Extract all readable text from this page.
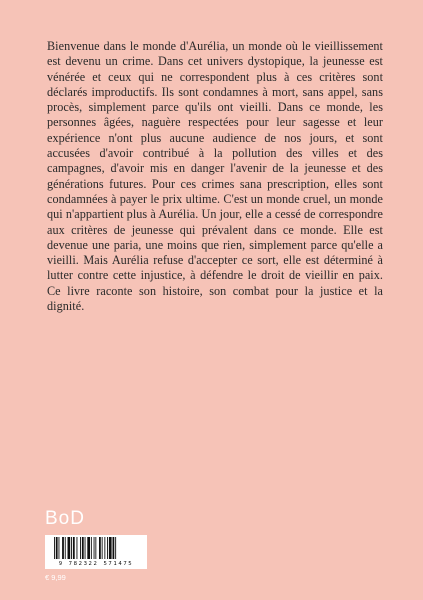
Bienvenue dans le monde d'Aurélia, un monde où le vieillissement est devenu un crime. Dans cet univers dystopique, la jeunesse est vénérée et ceux qui ne correspondent plus à ces critères sont déclarés improductifs. Ils sont condamnes à mort, sans appel, sans procès, simplement parce qu'ils ont vieilli. Dans ce monde, les personnes âgées, naguère respectées pour leur sagesse et leur expérience n'ont plus aucune audience de nos jours, et sont accusées d'avoir contribué à la pollution des villes et des campagnes, d'avoir mis en danger l'avenir de la jeunesse et des générations futures. Pour ces crimes sana prescription, elles sont condamnées à payer le prix ultime. C'est un monde cruel, un monde qui n'appartient plus à Aurélia. Un jour, elle a cessé de correspondre aux critères de jeunesse qui prévalent dans ce monde. Elle est devenue une paria, une moins que rien, simplement parce qu'elle a vieilli. Mais Aurélia refuse d'accepter ce sort, elle est déterminé à lutter contre cette injustice, à défendre le droit de vieillir en paix. Ce livre raconte son histoire, son combat pour la justice et la dignité.

BoD
9 782322 571475
€ 9,99
